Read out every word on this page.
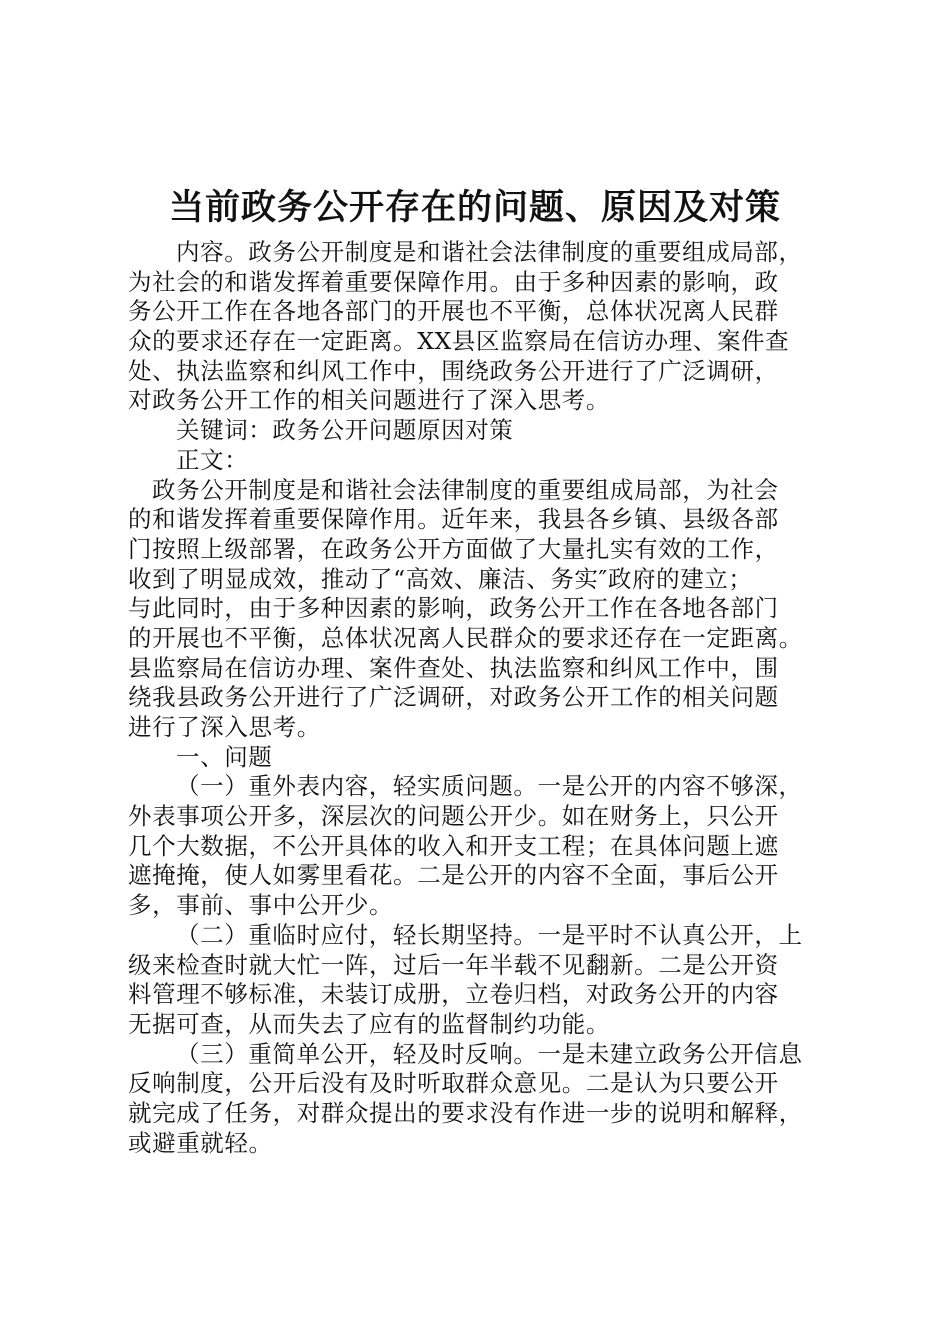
当前政务公开存在的问题、原因及对策
内容。政务公开制度是和谐社会法律制度的重要组成局部，
为社会的和谐发挥着重要保障作用。由于多种因素的影响，政
务公开工作在各地各部门的开展也不平衡，总体状况离人民群
众的要求还存在一定距离。XX县区监察局在信访办理、案件查
处、执法监察和纠风工作中，围绕政务公开进行了广泛调研，
对政务公开工作的相关问题进行了深入思考。
关键词：政务公开问题原因对策
正文：
政务公开制度是和谐社会法律制度的重要组成局部，为社会
的和谐发挥着重要保障作用。近年来，我县各乡镇、县级各部
门按照上级部署，在政务公开方面做了大量扎实有效的工作，
收到了明显成效，推动了“高效、廉洁、务实″政府的建立；
与此同时，由于多种因素的影响，政务公开工作在各地各部门
的开展也不平衡，总体状况离人民群众的要求还存在一定距离。
县监察局在信访办理、案件查处、执法监察和纠风工作中，围
绕我县政务公开进行了广泛调研，对政务公开工作的相关问题
进行了深入思考。
一、问题
（一）重外表内容，轻实质问题。一是公开的内容不够深，
外表事项公开多，深层次的问题公开少。如在财务上，只公开
几个大数据，不公开具体的收入和开支工程；在具体问题上遮
遮掩掩，使人如雾里看花。二是公开的内容不全面，事后公开
多，事前、事中公开少。
（二）重临时应付，轻长期坚持。一是平时不认真公开，上
级来检查时就大忙一阵，过后一年半载不见翻新。二是公开资
料管理不够标准，未装订成册，立卷归档，对政务公开的内容
无据可查，从而失去了应有的监督制约功能。
（三）重简单公开，轻及时反响。一是未建立政务公开信息
反响制度，公开后没有及时听取群众意见。二是认为只要公开
就完成了任务，对群众提出的要求没有作进一步的说明和解释，
或避重就轻。
